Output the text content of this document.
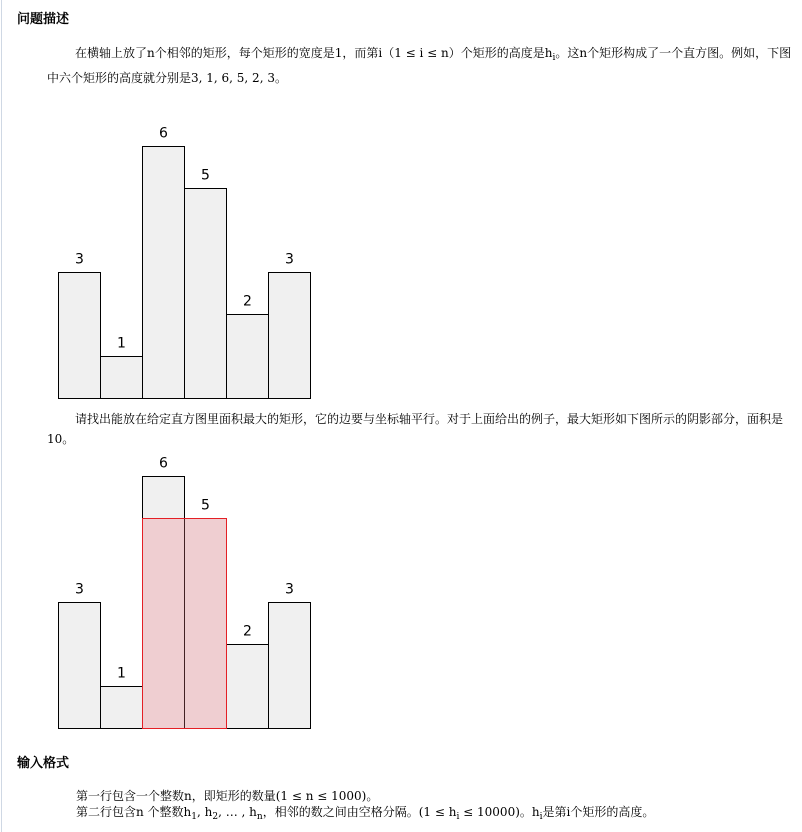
问题描述

在横轴上放了n个相邻的矩形，每个矩形的宽度是1，而第i（1 ≤ i ≤ n）个矩形的高度是$h_i$。这n个矩形构成了一个直方图。例如，下图中六个矩形的高度就分别是3, 1, 6, 5, 2, 3。

3
1
6
5
2
3

请找出能放在给定直方图里面积最大的矩形，它的边要与坐标轴平行。对于上面给出的例子，最大矩形如下图所示的阴影部分，面积是10。

3
1
6
5
2
3
输入格式
第一行包含一个整数n，即矩形的数量(1 ≤ n ≤ 1000)。
第二行包含n 个整数$h_1$, $h_2$, … , $h_n$，相邻的数之间由空格分隔。$(1 \le h_i \le 10000)$。$h_i$是第i个矩形的高度。
